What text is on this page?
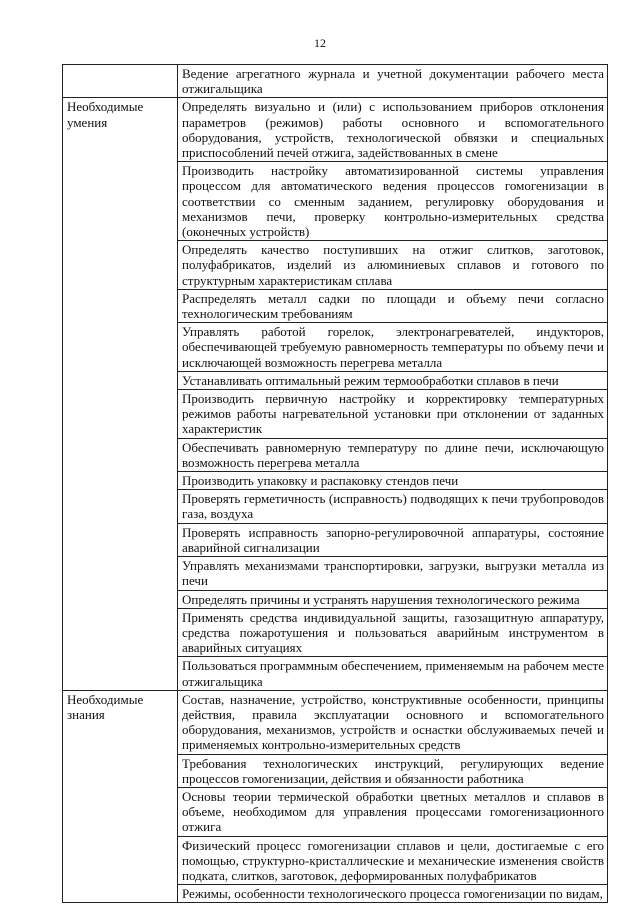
12

	Ведение агрегатного журнала и учетной документации рабочего места отжигальщика

Необходимые умения	Определять визуально и (или) с использованием приборов отклонения параметров (режимов) работы основного и вспомогательного оборудования, устройств, технологической обвязки и специальных приспособлений печей отжига, задействованных в смене

	Производить настройку автоматизированной системы управления процессом для автоматического ведения процессов гомогенизации в соответствии со сменным заданием, регулировку оборудования и механизмов печи, проверку контрольно-измерительных средства (оконечных устройств)

	Определять качество поступивших на отжиг слитков, заготовок, полуфабрикатов, изделий из алюминиевых сплавов и готового по структурным характеристикам сплава

	Распределять металл садки по площади и объему печи согласно технологическим требованиям

	Управлять работой горелок, электронагревателей, индукторов, обеспечивающей требуемую равномерность температуры по объему печи и исключающей возможность перегрева металла

	Устанавливать оптимальный режим термообработки сплавов в печи

	Производить первичную настройку и корректировку температурных режимов работы нагревательной установки при отклонении от заданных характеристик

	Обеспечивать равномерную температуру по длине печи, исключающую возможность перегрева металла

	Производить упаковку и распаковку стендов печи

	Проверять герметичность (исправность) подводящих к печи трубопроводов газа, воздуха

	Проверять исправность запорно-регулировочной аппаратуры, состояние аварийной сигнализации

	Управлять механизмами транспортировки, загрузки, выгрузки металла из печи

	Определять причины и устранять нарушения технологического режима

	Применять средства индивидуальной защиты, газозащитную аппаратуру, средства пожаротушения и пользоваться аварийным инструментом в аварийных ситуациях

	Пользоваться программным обеспечением, применяемым на рабочем месте отжигальщика

Необходимые знания	Состав, назначение, устройство, конструктивные особенности, принципы действия, правила эксплуатации основного и вспомогательного оборудования, механизмов, устройств и оснастки обслуживаемых печей и применяемых контрольно-измерительных средств

	Требования технологических инструкций, регулирующих ведение процессов гомогенизации, действия и обязанности работника

	Основы теории термической обработки цветных металлов и сплавов в объеме, необходимом для управления процессами гомогенизационного отжига

	Физический процесс гомогенизации сплавов и цели, достигаемые с его помощью, структурно-кристаллические и механические изменения свойств подката, слитков, заготовок, деформированных полуфабрикатов

	Режимы, особенности технологического процесса гомогенизации по видам,
